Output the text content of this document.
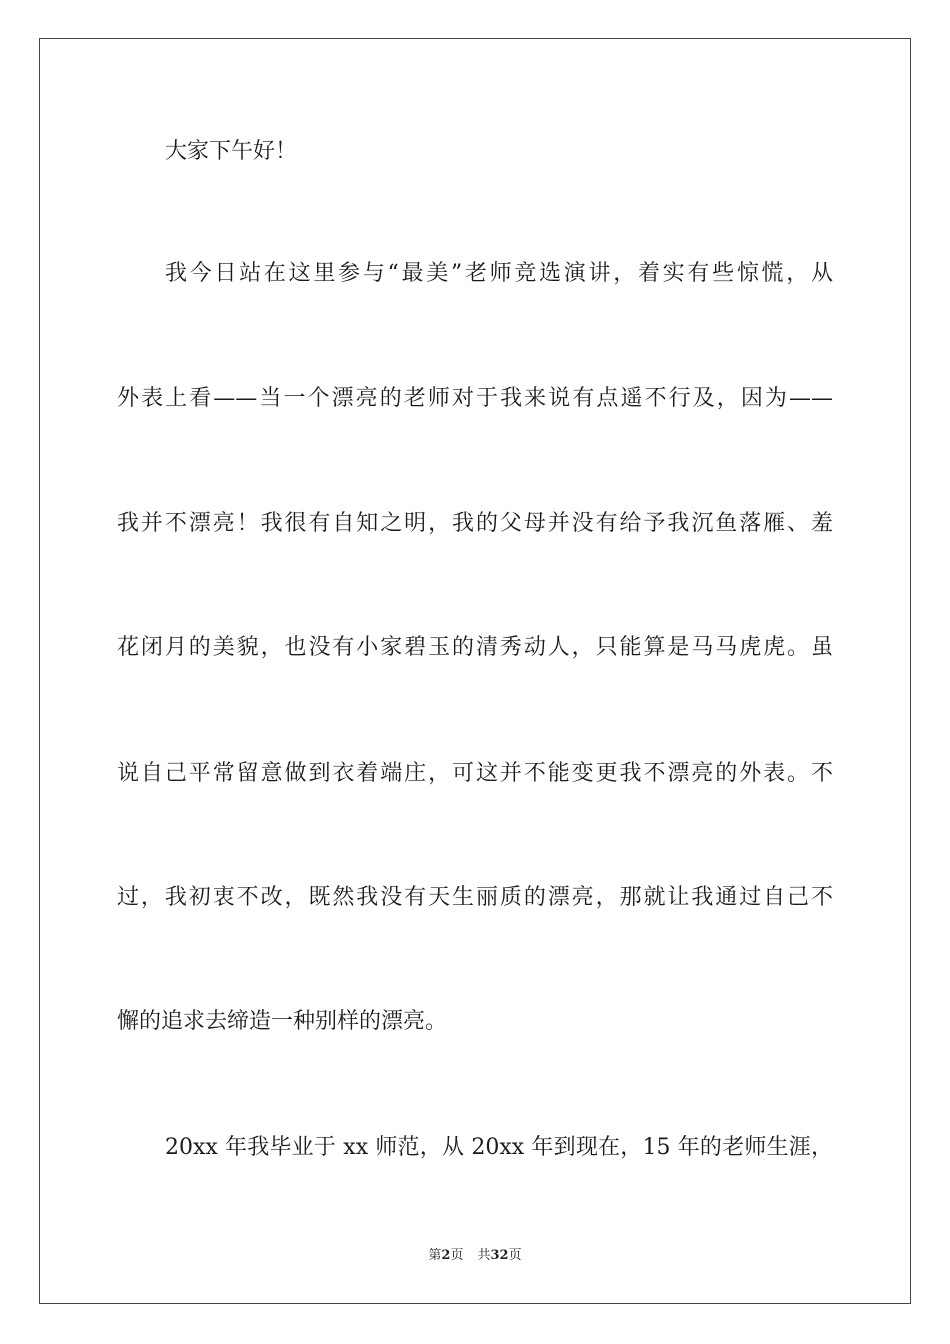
大家下午好！
我今日站在这里参与“最美”老师竞选演讲，着实有些惊慌，从
外表上看——当一个漂亮的老师对于我来说有点遥不行及，因为——
我并不漂亮！我很有自知之明，我的父母并没有给予我沉鱼落雁、羞
花闭月的美貌，也没有小家碧玉的清秀动人，只能算是马马虎虎。虽
说自己平常留意做到衣着端庄，可这并不能变更我不漂亮的外表。不
过，我初衷不改，既然我没有天生丽质的漂亮，那就让我通过自己不
懈的追求去缔造一种别样的漂亮。
20xx 年我毕业于 xx 师范，从 20xx 年到现在，15 年的老师生涯，
第2页 共32页
